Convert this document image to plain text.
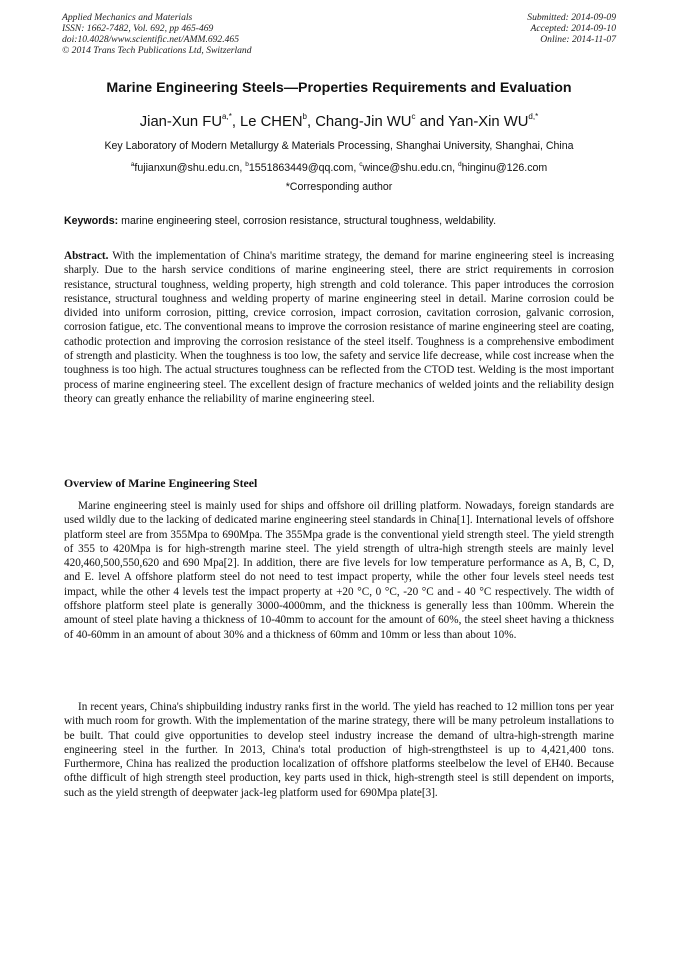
Applied Mechanics and Materials
ISSN: 1662-7482, Vol. 692, pp 465-469
doi:10.4028/www.scientific.net/AMM.692.465
© 2014 Trans Tech Publications Ltd, Switzerland
Submitted: 2014-09-09
Accepted: 2014-09-10
Online: 2014-11-07
Marine Engineering Steels—Properties Requirements and Evaluation
Jian-Xun $FU^{a,*}$, Le CHEN$^b$, Chang-Jin $WU^c$ and Yan-Xin $WU^{d,*}$
Key Laboratory of Modern Metallurgy & Materials Processing, Shanghai University, Shanghai, China
$^a$fujianxun@shu.edu.cn, $^b$1551863449@qq.com, $^c$wince@shu.edu.cn, $^d$hinginu@126.com
*Corresponding author
Keywords: marine engineering steel, corrosion resistance, structural toughness, weldability.

Abstract. With the implementation of China's maritime strategy, the demand for marine engineering steel is increasing sharply. Due to the harsh service conditions of marine engineering steel, there are strict requirements in corrosion resistance, structural toughness, welding property, high strength and cold tolerance. This paper introduces the corrosion resistance, structural toughness and welding property of marine engineering steel in detail. Marine corrosion could be divided into uniform corrosion, pitting, crevice corrosion, impact corrosion, cavitation corrosion, galvanic corrosion, corrosion fatigue, etc. The conventional means to improve the corrosion resistance of marine engineering steel are coating, cathodic protection and improving the corrosion resistance of the steel itself. Toughness is a comprehensive embodiment of strength and plasticity. When the toughness is too low, the safety and service life decrease, while cost increase when the toughness is too high. The actual structures toughness can be reflected from the CTOD test. Welding is the most important process of marine engineering steel. The excellent design of fracture mechanics of welded joints and the reliability design theory can greatly enhance the reliability of marine engineering steel.

Overview of Marine Engineering Steel

Marine engineering steel is mainly used for ships and offshore oil drilling platform. Nowadays, foreign standards are used wildly due to the lacking of dedicated marine engineering steel standards in China[1]. International levels of offshore platform steel are from 355Mpa to 690Mpa. The 355Mpa grade is the conventional yield strength steel. The yield strength of 355 to 420Mpa is for high-strength marine steel. The yield strength of ultra-high strength steels are mainly level 420,460,500,550,620 and 690 Mpa[2]. In addition, there are five levels for low temperature performance as A, B, C, D, and E. level A offshore platform steel do not need to test impact property, while the other four levels steel needs test impact, while the other 4 levels test the impact property at +20 °C, 0 °C, -20 °C and - 40 °C respectively. The width of offshore platform steel plate is generally 3000-4000mm, and the thickness is generally less than 100mm. Wherein the amount of steel plate having a thickness of 10-40mm to account for the amount of 60%, the steel sheet having a thickness of 40-60mm in an amount of about 30% and a thickness of 60mm and 10mm or less than about 10%.

In recent years, China's shipbuilding industry ranks first in the world. The yield has reached to 12 million tons per year with much room for growth. With the implementation of the marine strategy, there will be many petroleum installations to be built. That could give opportunities to develop steel industry increase the demand of ultra-high-strength marine engineering steel in the further. In 2013, China's total production of high-strengthsteel is up to 4,421,400 tons. Furthermore, China has realized the production localization of offshore platforms steelbelow the level of EH40. Because ofthe difficult of high strength steel production, key parts used in thick, high-strength steel is still dependent on imports, such as the yield strength of deepwater jack-leg platform used for 690Mpa plate[3].
